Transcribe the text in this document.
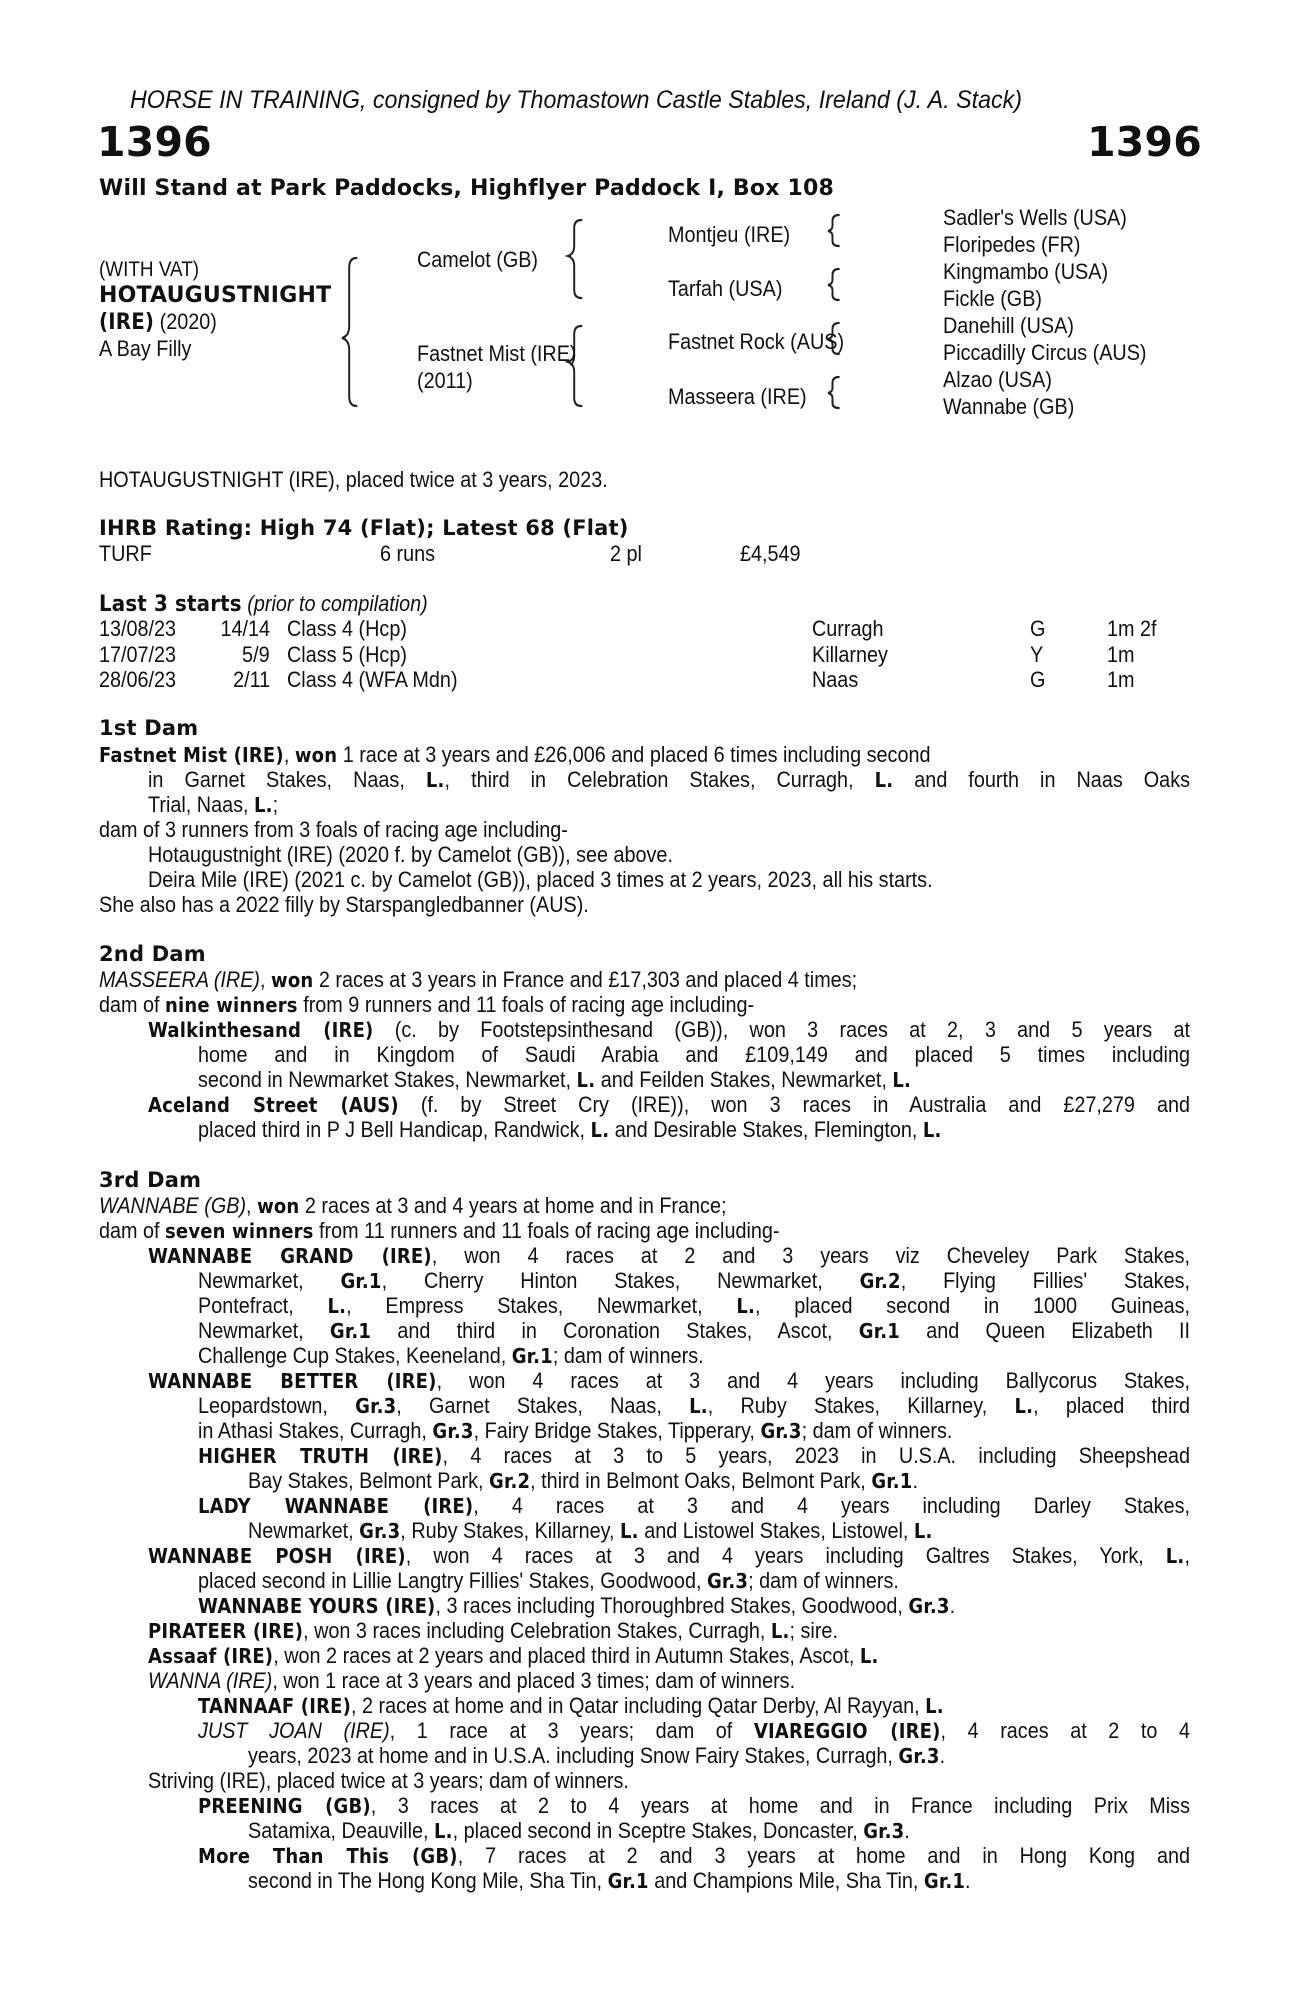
HORSE IN TRAINING, consigned by Thomastown Castle Stables, Ireland (J. A. Stack)
1396	1396
Will Stand at Park Paddocks, Highflyer Paddock I, Box 108
(WITH VAT)
HOTAUGUSTNIGHT
(IRE) (2020)
A Bay Filly
Camelot (GB)
Fastnet Mist (IRE)
(2011)
Montjeu (IRE)
Tarfah (USA)
Fastnet Rock (AUS)
Masseera (IRE)
Sadler's Wells (USA)
Floripedes (FR)
Kingmambo (USA)
Fickle (GB)
Danehill (USA)
Piccadilly Circus (AUS)
Alzao (USA)
Wannabe (GB)
HOTAUGUSTNIGHT (IRE), placed twice at 3 years, 2023.
IHRB Rating: High 74 (Flat); Latest 68 (Flat)
TURF	6 runs	2 pl	£4,549
Last 3 starts (prior to compilation)
13/08/23 14/14 Class 4 (Hcp)	Curragh	G	1m 2f
17/07/23	5/9 Class 5 (Hcp)	Killarney	Y	1m
28/06/23	2/11 Class 4 (WFA Mdn)	Naas	G	1m
1st Dam
Fastnet Mist (IRE), won 1 race at 3 years and £26,006 and placed 6 times including second
in Garnet Stakes, Naas, L., third in Celebration Stakes, Curragh, L. and fourth in Naas Oaks
Trial, Naas, L.;
dam of 3 runners from 3 foals of racing age including-
Hotaugustnight (IRE) (2020 f. by Camelot (GB)), see above.
Deira Mile (IRE) (2021 c. by Camelot (GB)), placed 3 times at 2 years, 2023, all his starts.
She also has a 2022 filly by Starspangledbanner (AUS).
2nd Dam
MASSEERA (IRE), won 2 races at 3 years in France and £17,303 and placed 4 times;
dam of nine winners from 9 runners and 11 foals of racing age including-
Walkinthesand (IRE) (c. by Footstepsinthesand (GB)), won 3 races at 2, 3 and 5 years at
home and in Kingdom of Saudi Arabia and £109,149 and placed 5 times including
second in Newmarket Stakes, Newmarket, L. and Feilden Stakes, Newmarket, L.
Aceland Street (AUS) (f. by Street Cry (IRE)), won 3 races in Australia and £27,279 and
placed third in P J Bell Handicap, Randwick, L. and Desirable Stakes, Flemington, L.
3rd Dam
WANNABE (GB), won 2 races at 3 and 4 years at home and in France;
dam of seven winners from 11 runners and 11 foals of racing age including-
WANNABE GRAND (IRE), won 4 races at 2 and 3 years viz Cheveley Park Stakes,
Newmarket, Gr.1, Cherry Hinton Stakes, Newmarket, Gr.2, Flying Fillies' Stakes,
Pontefract, L., Empress Stakes, Newmarket, L., placed second in 1000 Guineas,
Newmarket, Gr.1 and third in Coronation Stakes, Ascot, Gr.1 and Queen Elizabeth II
Challenge Cup Stakes, Keeneland, Gr.1; dam of winners.
WANNABE BETTER (IRE), won 4 races at 3 and 4 years including Ballycorus Stakes,
Leopardstown, Gr.3, Garnet Stakes, Naas, L., Ruby Stakes, Killarney, L., placed third
in Athasi Stakes, Curragh, Gr.3, Fairy Bridge Stakes, Tipperary, Gr.3; dam of winners.
HIGHER TRUTH (IRE), 4 races at 3 to 5 years, 2023 in U.S.A. including Sheepshead
Bay Stakes, Belmont Park, Gr.2, third in Belmont Oaks, Belmont Park, Gr.1.
LADY WANNABE (IRE), 4 races at 3 and 4 years including Darley Stakes,
Newmarket, Gr.3, Ruby Stakes, Killarney, L. and Listowel Stakes, Listowel, L.
WANNABE POSH (IRE), won 4 races at 3 and 4 years including Galtres Stakes, York, L.,
placed second in Lillie Langtry Fillies' Stakes, Goodwood, Gr.3; dam of winners.
WANNABE YOURS (IRE), 3 races including Thoroughbred Stakes, Goodwood, Gr.3.
PIRATEER (IRE), won 3 races including Celebration Stakes, Curragh, L.; sire.
Assaaf (IRE), won 2 races at 2 years and placed third in Autumn Stakes, Ascot, L.
WANNA (IRE), won 1 race at 3 years and placed 3 times; dam of winners.
TANNAAF (IRE), 2 races at home and in Qatar including Qatar Derby, Al Rayyan, L.
JUST JOAN (IRE), 1 race at 3 years; dam of VIAREGGIO (IRE), 4 races at 2 to 4
years, 2023 at home and in U.S.A. including Snow Fairy Stakes, Curragh, Gr.3.
Striving (IRE), placed twice at 3 years; dam of winners.
PREENING (GB), 3 races at 2 to 4 years at home and in France including Prix Miss
Satamixa, Deauville, L., placed second in Sceptre Stakes, Doncaster, Gr.3.
More Than This (GB), 7 races at 2 and 3 years at home and in Hong Kong and
second in The Hong Kong Mile, Sha Tin, Gr.1 and Champions Mile, Sha Tin, Gr.1.
